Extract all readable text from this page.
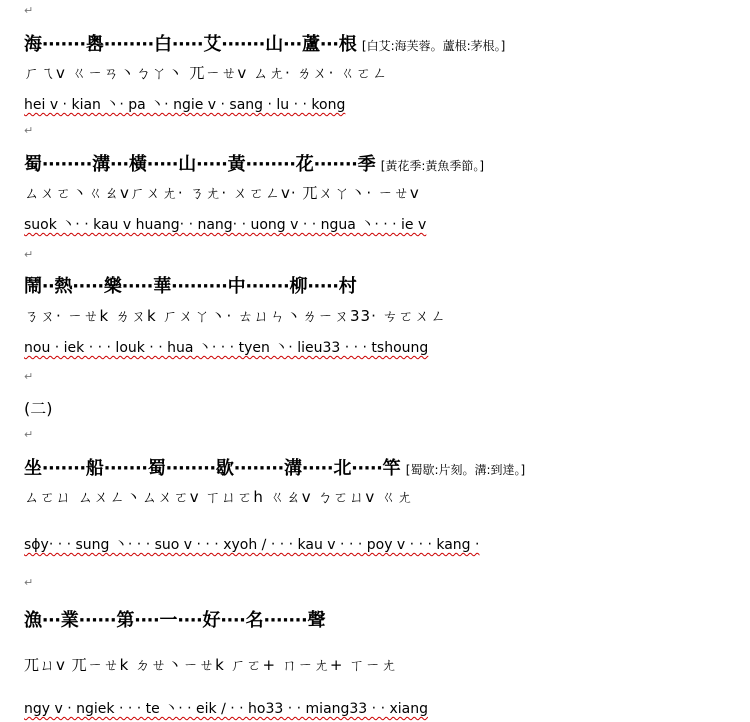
↵
海‧‧‧‧‧‧‧嶴‧‧‧‧‧‧‧‧白‧‧‧‧‧艾‧‧‧‧‧‧‧山‧‧‧蘆‧‧‧根 [白艾:海芙蓉。蘆根:茅根。]
ㄏㄟv ㄍㄧㄢ丶ㄅㄚ丶 ㄫㄧㄝv ㄙㄤ‧ ㄌㄨ‧ ㄍㄛㄥ
hei v ‧ kian 丶‧ pa 丶‧ ngie v ‧ sang ‧ lu ‧ ‧ kong
↵
蜀‧‧‧‧‧‧‧‧溝‧‧‧橫‧‧‧‧‧山‧‧‧‧‧黃‧‧‧‧‧‧‧‧花‧‧‧‧‧‧‧季 [黃花季:黃魚季節。]
ㄙㄨㄛ丶ㄍㄠvㄏㄨㄤ‧ ㄋㄤ‧ ㄨㄛㄥv‧ ㄫㄨㄚ丶‧ ㄧㄝv
suok 丶‧ ‧ kau v huang‧ ‧ nang‧ ‧ uong v ‧ ‧ ngua 丶‧ ‧ ‧ ie v
↵
鬧‧‧熱‧‧‧‧‧樂‧‧‧‧‧華‧‧‧‧‧‧‧‧‧中‧‧‧‧‧‧‧柳‧‧‧‧‧村
ㄋㄡ‧ ㄧㄝk ㄌㄡk ㄏㄨㄚ丶‧ ㄊㄩㄣ丶ㄌㄧㄡ33‧ ㄘㄛㄨㄥ
nou ‧ iek ‧ ‧ ‧ louk ‧ ‧ hua 丶‧ ‧ ‧ tyen 丶‧ lieu33 ‧ ‧ ‧ tshoung
↵
(二)
↵
坐‧‧‧‧‧‧‧船‧‧‧‧‧‧‧蜀‧‧‧‧‧‧‧‧歇‧‧‧‧‧‧‧‧溝‧‧‧‧‧北‧‧‧‧‧竿 [蜀歇:片刻。溝:到達。]
ㄙㄛㄩ ㄙㄨㄥ丶ㄙㄨㄛv ㄒㄩㄛh ㄍㄠv ㄅㄛㄩv ㄍㄤ
sɸy‧ ‧ ‧ sung 丶‧ ‧ ‧ suo v ‧ ‧ ‧ xyoh ∕ ‧ ‧ ‧ kau v ‧ ‧ ‧ poy v ‧ ‧ ‧ kang ‧
↵
漁‧‧‧業‧‧‧‧‧‧第‧‧‧‧一‧‧‧‧好‧‧‧‧名‧‧‧‧‧‧‧聲
ㄫㄩv ㄫㄧㄝk ㄉㄝ丶ㄧㄝk ㄏㄛ+ ㄇㄧㄤ+ ㄒㄧㄤ
ngy v ‧ ngiek ‧ ‧ ‧ te 丶‧ ‧ eik ∕ ‧ ‧ ho33 ‧ ‧ miang33 ‧ ‧ xiang
